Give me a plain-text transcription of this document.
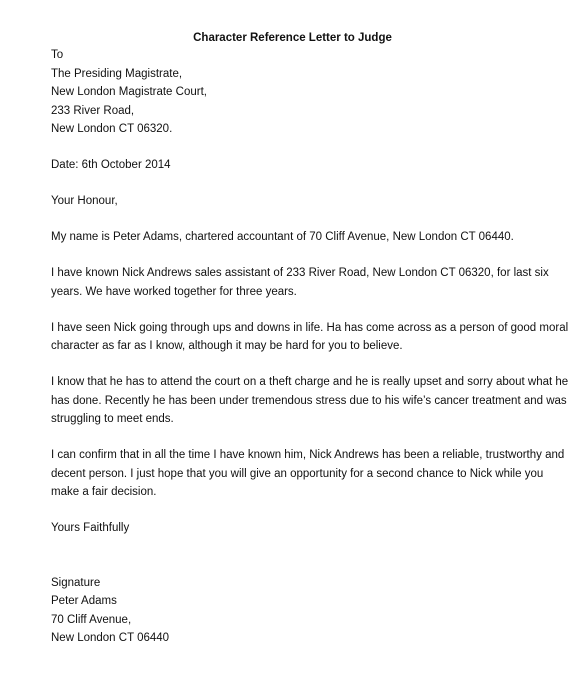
Character Reference Letter to Judge
To
The Presiding Magistrate,
New London Magistrate Court,
233 River Road,
New London CT 06320.
Date: 6th October 2014
Your Honour,
My name is Peter Adams, chartered accountant of 70 Cliff Avenue, New London CT 06440.
I have known Nick Andrews sales assistant of 233 River Road, New London CT 06320, for last six
years. We have worked together for three years.
I have seen Nick going through ups and downs in life. Ha has come across as a person of good moral
character as far as I know, although it may be hard for you to believe.
I know that he has to attend the court on a theft charge and he is really upset and sorry about what he
has done. Recently he has been under tremendous stress due to his wife’s cancer treatment and was
struggling to meet ends.
I can confirm that in all the time I have known him, Nick Andrews has been a reliable, trustworthy and
decent person. I just hope that you will give an opportunity for a second chance to Nick while you
make a fair decision.
Yours Faithfully
Signature
Peter Adams
70 Cliff Avenue,
New London CT 06440
